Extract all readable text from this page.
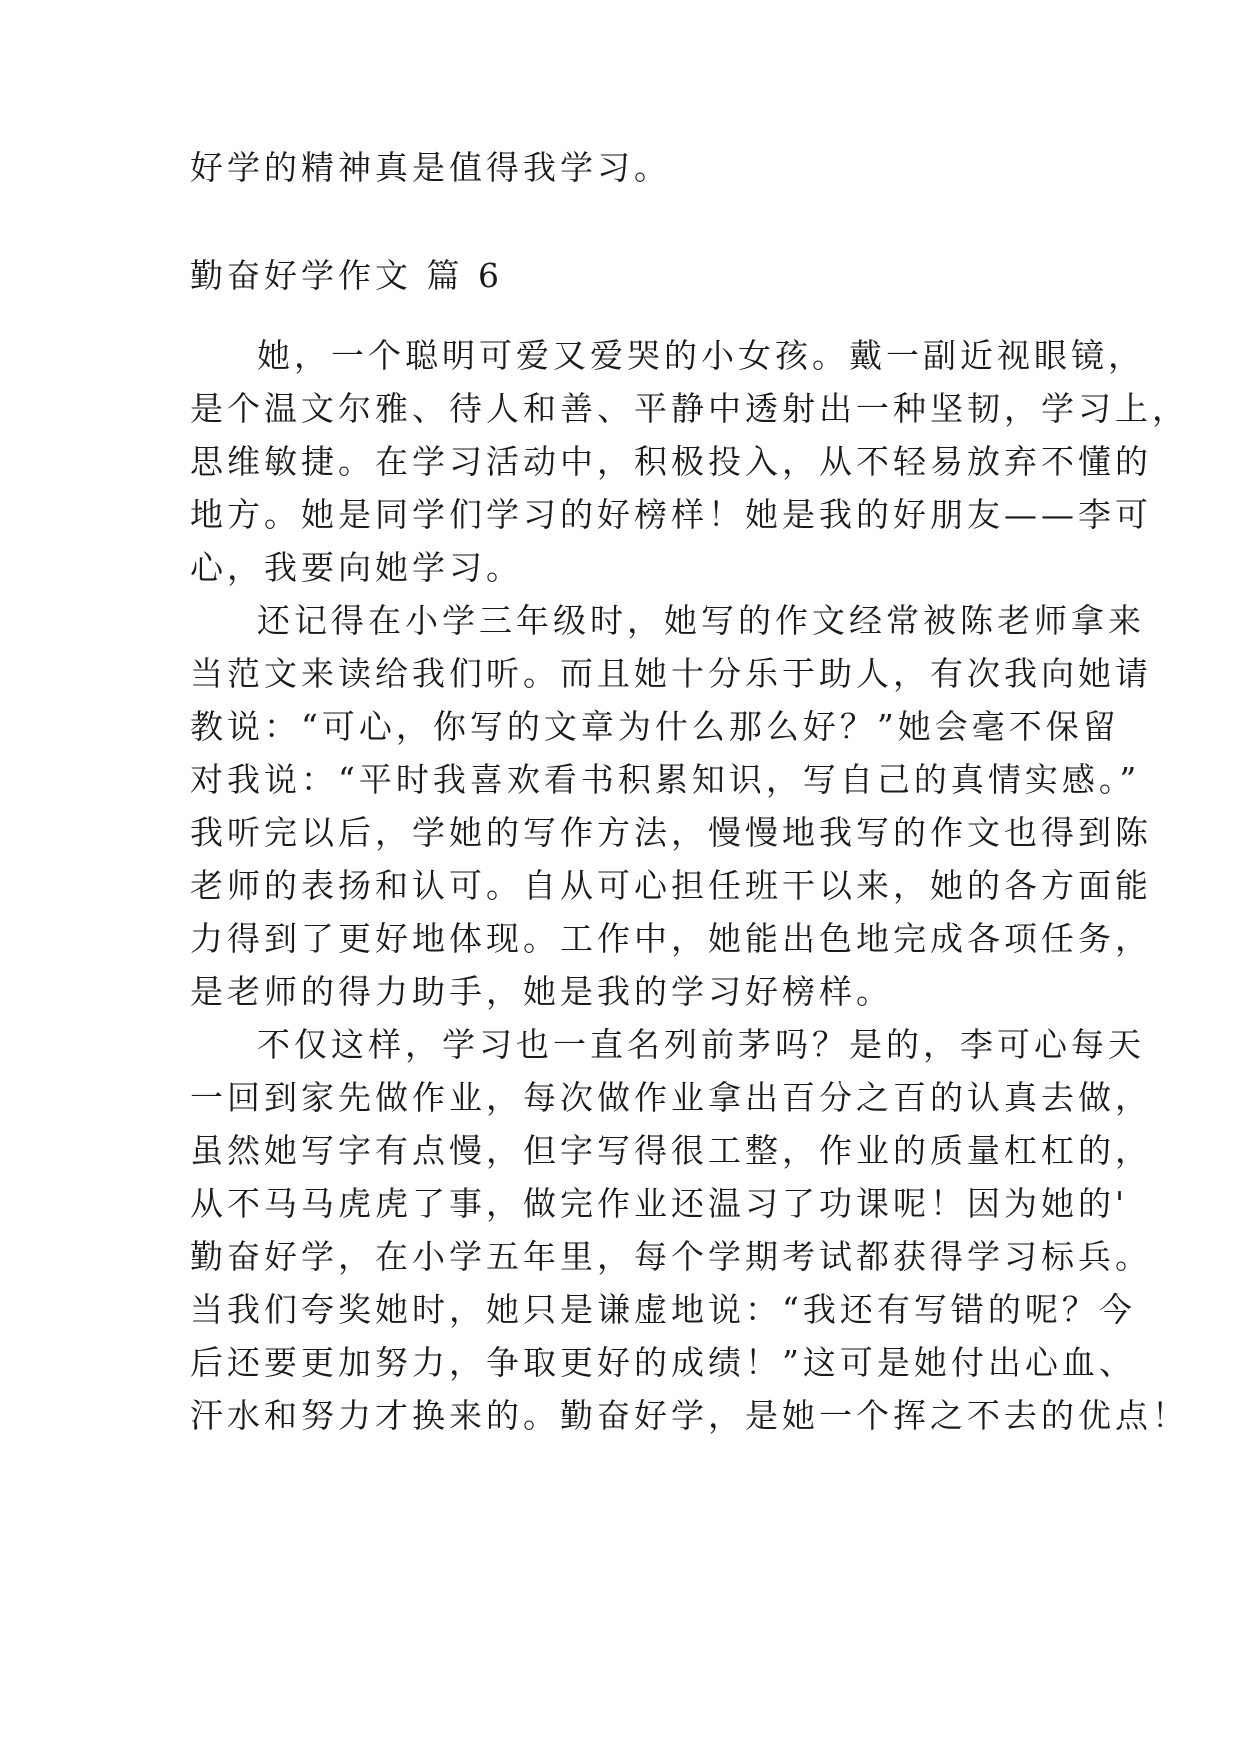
好学的精神真是值得我学习。
勤奋好学作文 篇 6
她，一个聪明可爱又爱哭的小女孩。戴一副近视眼镜，
是个温文尔雅、待人和善、平静中透射出一种坚韧，学习上，
思维敏捷。在学习活动中，积极投入，从不轻易放弃不懂的
地方。她是同学们学习的好榜样！她是我的好朋友——李可
心，我要向她学习。
还记得在小学三年级时，她写的作文经常被陈老师拿来
当范文来读给我们听。而且她十分乐于助人，有次我向她请
教说：“可心，你写的文章为什么那么好？”她会毫不保留
对我说：“平时我喜欢看书积累知识，写自己的真情实感。”
我听完以后，学她的写作方法，慢慢地我写的作文也得到陈
老师的表扬和认可。自从可心担任班干以来，她的各方面能
力得到了更好地体现。工作中，她能出色地完成各项任务，
是老师的得力助手，她是我的学习好榜样。
不仅这样，学习也一直名列前茅吗？是的，李可心每天
一回到家先做作业，每次做作业拿出百分之百的认真去做，
虽然她写字有点慢，但字写得很工整，作业的质量杠杠的，
从不马马虎虎了事，做完作业还温习了功课呢！因为她的'
勤奋好学，在小学五年里，每个学期考试都获得学习标兵。
当我们夸奖她时，她只是谦虚地说：“我还有写错的呢？今
后还要更加努力，争取更好的成绩！”这可是她付出心血、
汗水和努力才换来的。勤奋好学，是她一个挥之不去的优点！
